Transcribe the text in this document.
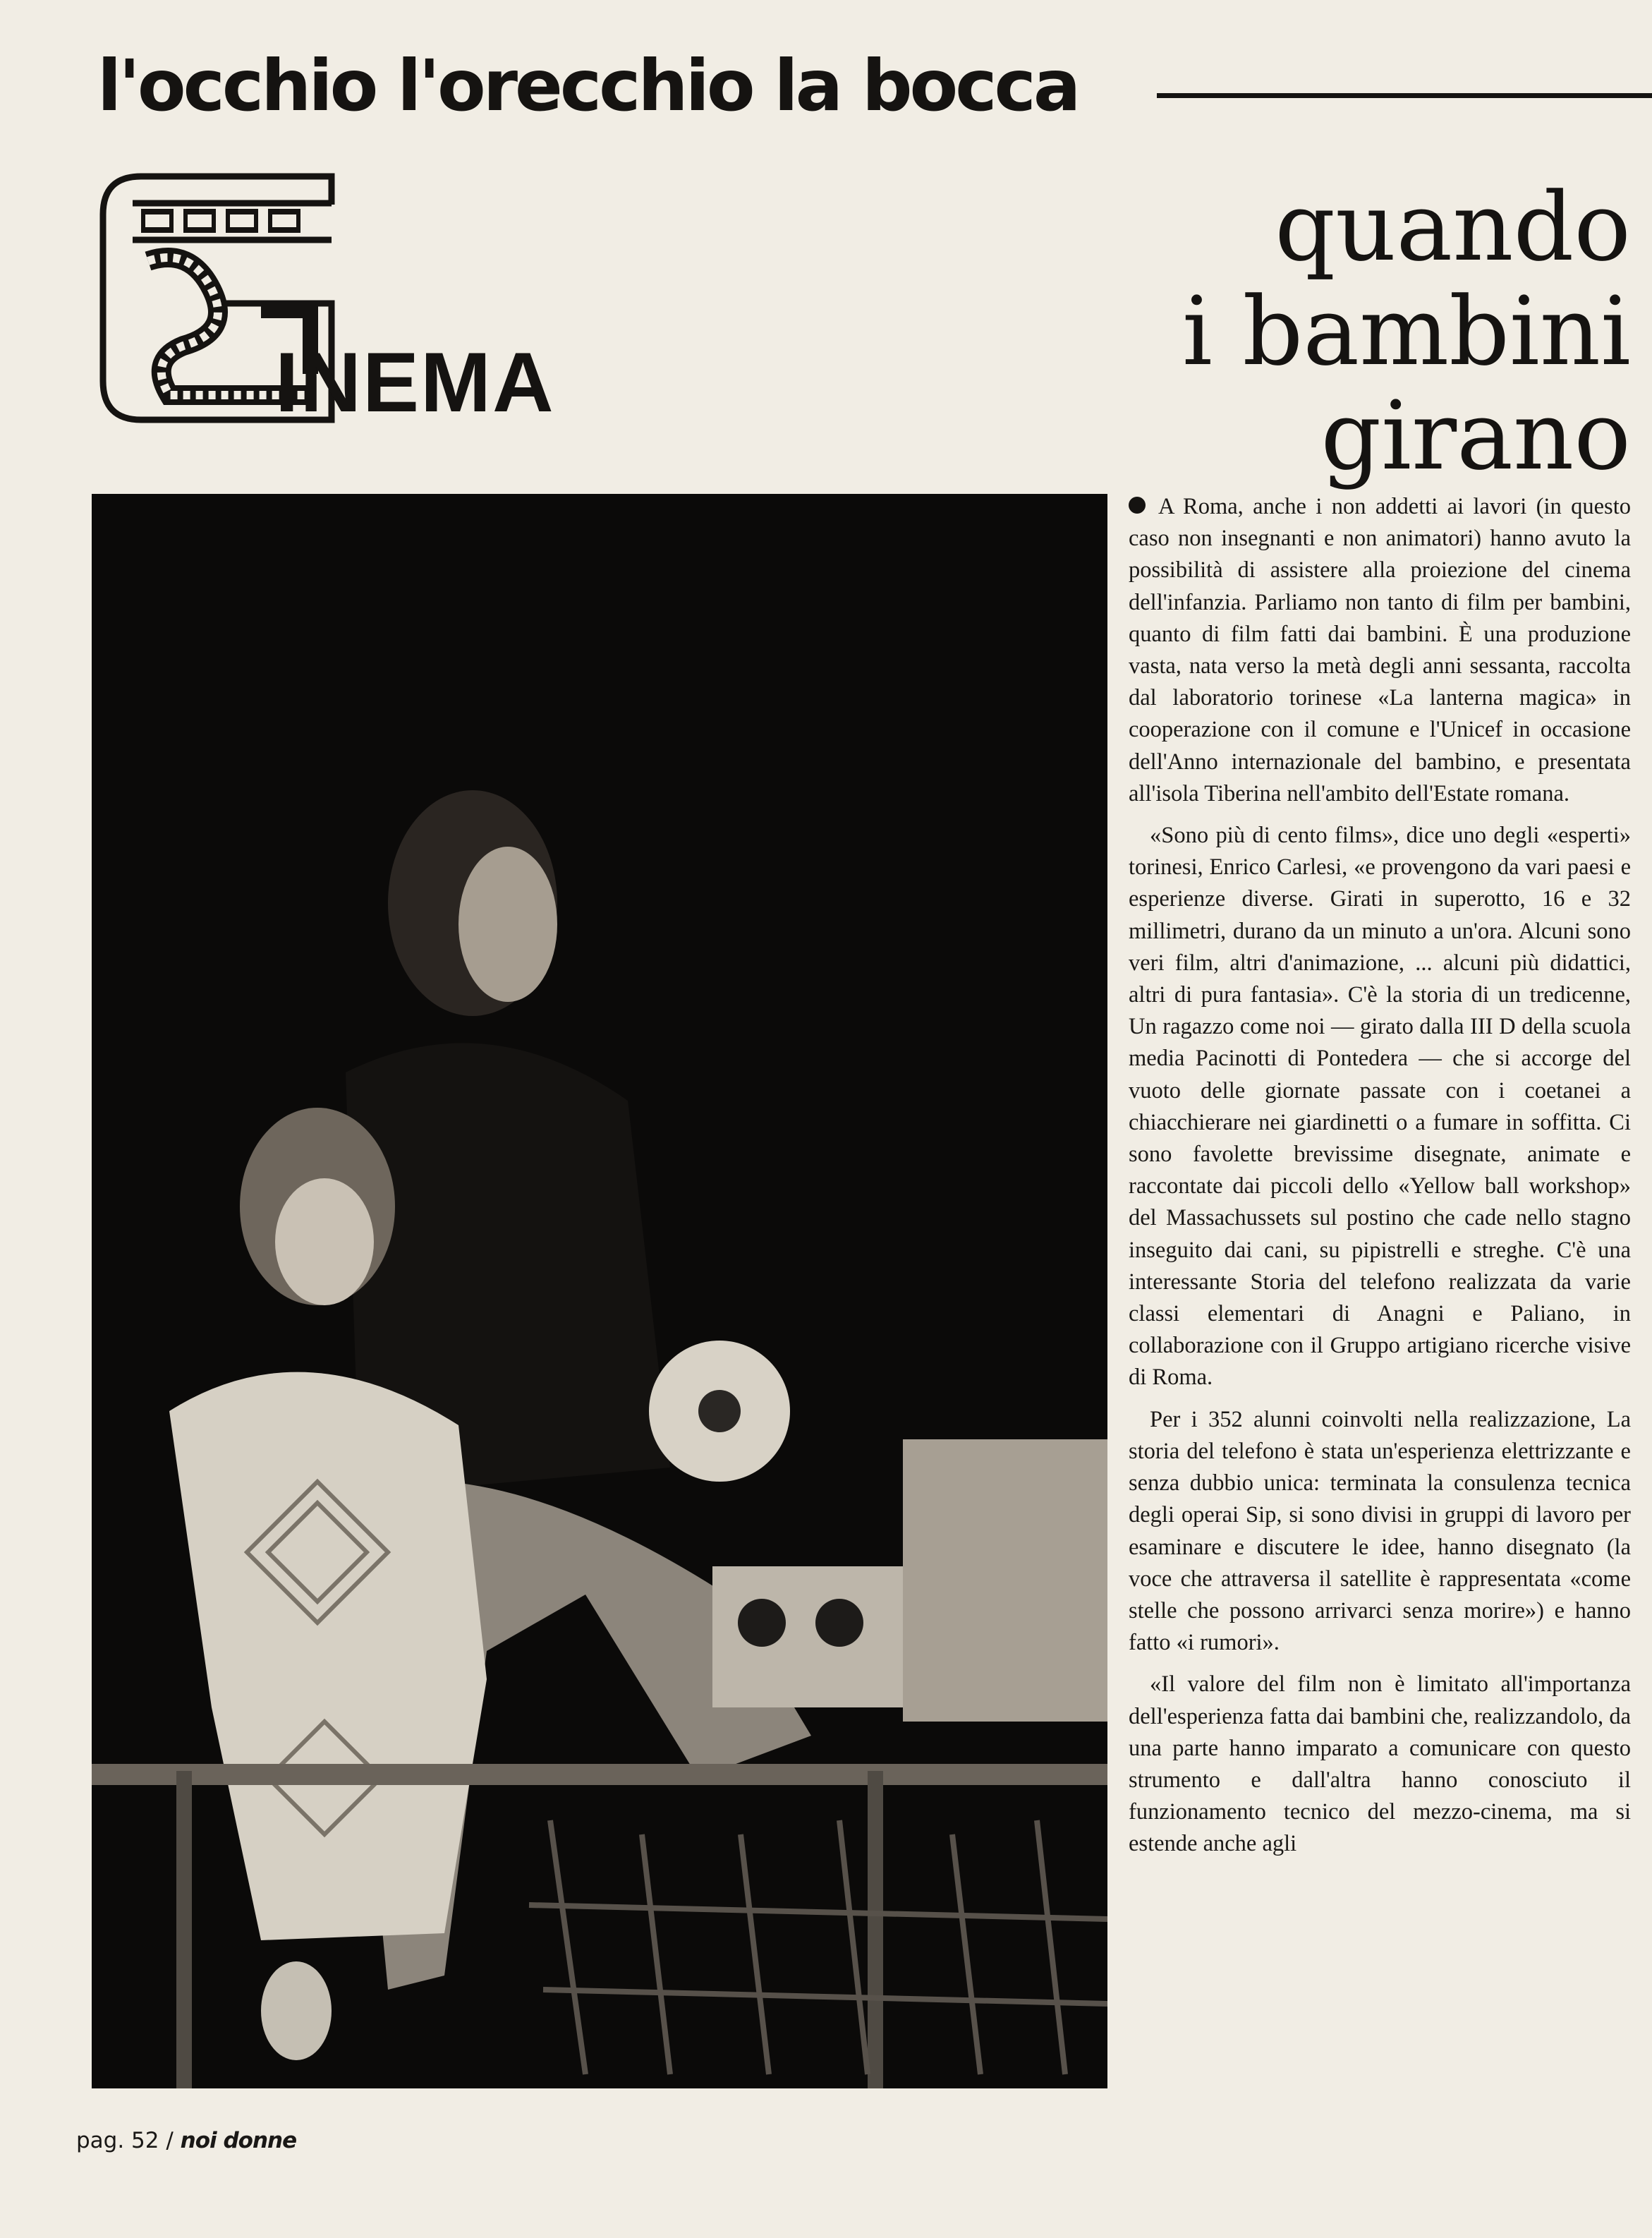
l'occhio l'orecchio la bocca
INEMA
quando
i bambini
girano

A Roma, anche i non addetti ai lavori (in questo caso non insegnanti e non animatori) hanno avuto la possibilità di assistere alla proiezione del cinema dell'infanzia. Parliamo non tanto di film per bambini, quanto di film fatti dai bambini. È una produzione vasta, nata verso la metà degli anni sessanta, raccolta dal laboratorio torinese «La lanterna magica» in cooperazione con il comune e l'Unicef in occasione dell'Anno internazionale del bambino, e presentata all'isola Tiberina nell'ambito dell'Estate romana.

«Sono più di cento films», dice uno degli «esperti» torinesi, Enrico Carlesi, «e provengono da vari paesi e esperienze diverse. Girati in superotto, 16 e 32 millimetri, durano da un minuto a un'ora. Alcuni sono veri film, altri d'animazione, ... alcuni più didattici, altri di pura fantasia». C'è la storia di un tredicenne, Un ragazzo come noi — girato dalla III D della scuola media Pacinotti di Pontedera — che si accorge del vuoto delle giornate passate con i coetanei a chiacchierare nei giardinetti o a fumare in soffitta. Ci sono favolette brevissime disegnate, animate e raccontate dai piccoli dello «Yellow ball workshop» del Massachussets sul postino che cade nello stagno inseguito dai cani, su pipistrelli e streghe. C'è una interessante Storia del telefono realizzata da varie classi elementari di Anagni e Paliano, in collaborazione con il Gruppo artigiano ricerche visive di Roma.

Per i 352 alunni coinvolti nella realizzazione, La storia del telefono è stata un'esperienza elettrizzante e senza dubbio unica: terminata la consulenza tecnica degli operai Sip, si sono divisi in gruppi di lavoro per esaminare e discutere le idee, hanno disegnato (la voce che attraversa il satellite è rappresentata «come stelle che possono arrivarci senza morire») e hanno fatto «i rumori».

«Il valore del film non è limitato all'importanza dell'esperienza fatta dai bambini che, realizzandolo, da una parte hanno imparato a comunicare con questo strumento e dall'altra hanno conosciuto il funzionamento tecnico del mezzo-cinema, ma si estende anche agli

pag. 52 / noi donne
